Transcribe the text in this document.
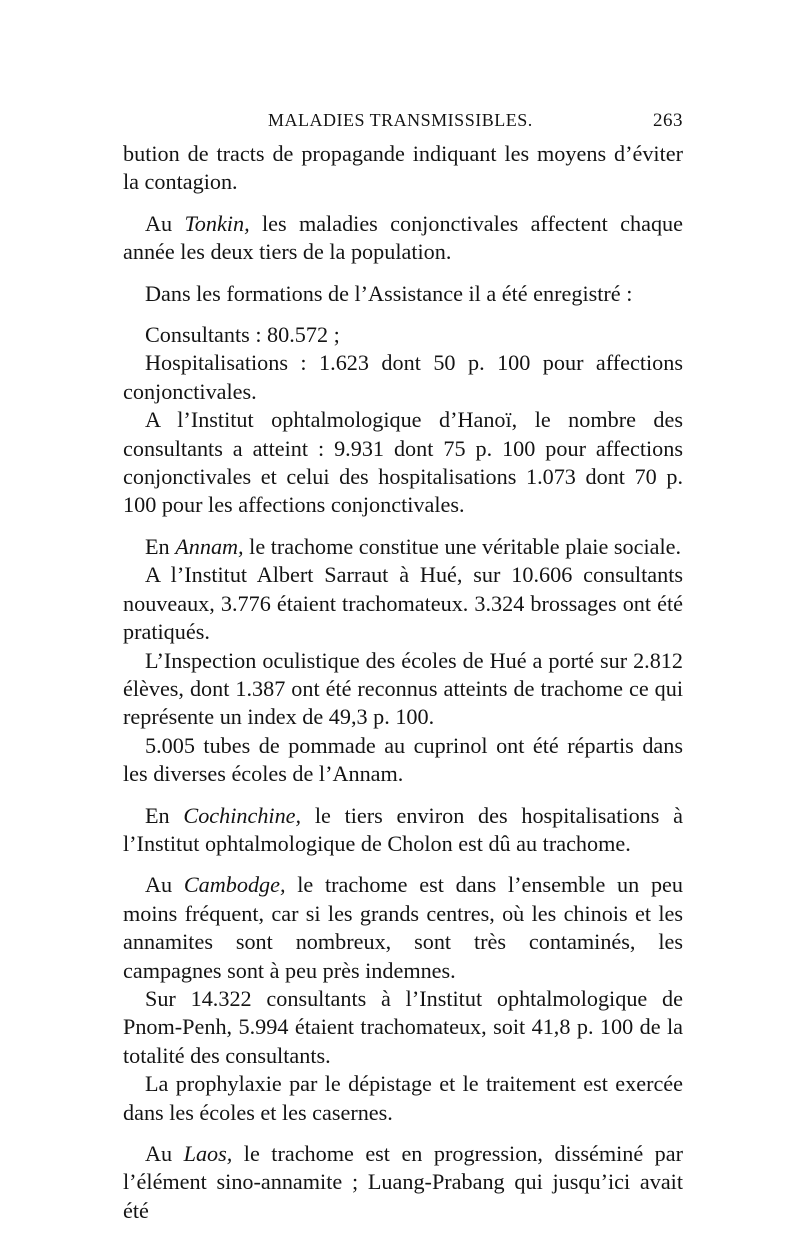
MALADIES TRANSMISSIBLES.	263

bution de tracts de propagande indiquant les moyens d’éviter la contagion.

Au Tonkin, les maladies conjonctivales affectent chaque année les deux tiers de la population.

Dans les formations de l’Assistance il a été enregistré :

Consultants : 80.572 ;

Hospitalisations : 1.623 dont 50 p. 100 pour affections conjonctivales.

A l’Institut ophtalmologique d’Hanoï, le nombre des consultants a atteint : 9.931 dont 75 p. 100 pour affections conjonctivales et celui des hospitalisations 1.073 dont 70 p. 100 pour les affections conjonctivales.

En Annam, le trachome constitue une véritable plaie sociale.

A l’Institut Albert Sarraut à Hué, sur 10.606 consultants nouveaux, 3.776 étaient trachomateux. 3.324 brossages ont été pratiqués.

L’Inspection oculistique des écoles de Hué a porté sur 2.812 élèves, dont 1.387 ont été reconnus atteints de trachome ce qui représente un index de 49,3 p. 100.

5.005 tubes de pommade au cuprinol ont été répartis dans les diverses écoles de l’Annam.

En Cochinchine, le tiers environ des hospitalisations à l’Institut ophtalmologique de Cholon est dû au trachome.

Au Cambodge, le trachome est dans l’ensemble un peu moins fréquent, car si les grands centres, où les chinois et les annamites sont nombreux, sont très contaminés, les campagnes sont à peu près indemnes.

Sur 14.322 consultants à l’Institut ophtalmologique de Pnom-Penh, 5.994 étaient trachomateux, soit 41,8 p. 100 de la totalité des consultants.

La prophylaxie par le dépistage et le traitement est exercée dans les écoles et les casernes.

Au Laos, le trachome est en progression, disséminé par l’élément sino-annamite ; Luang-Prabang qui jusqu’ici avait été
